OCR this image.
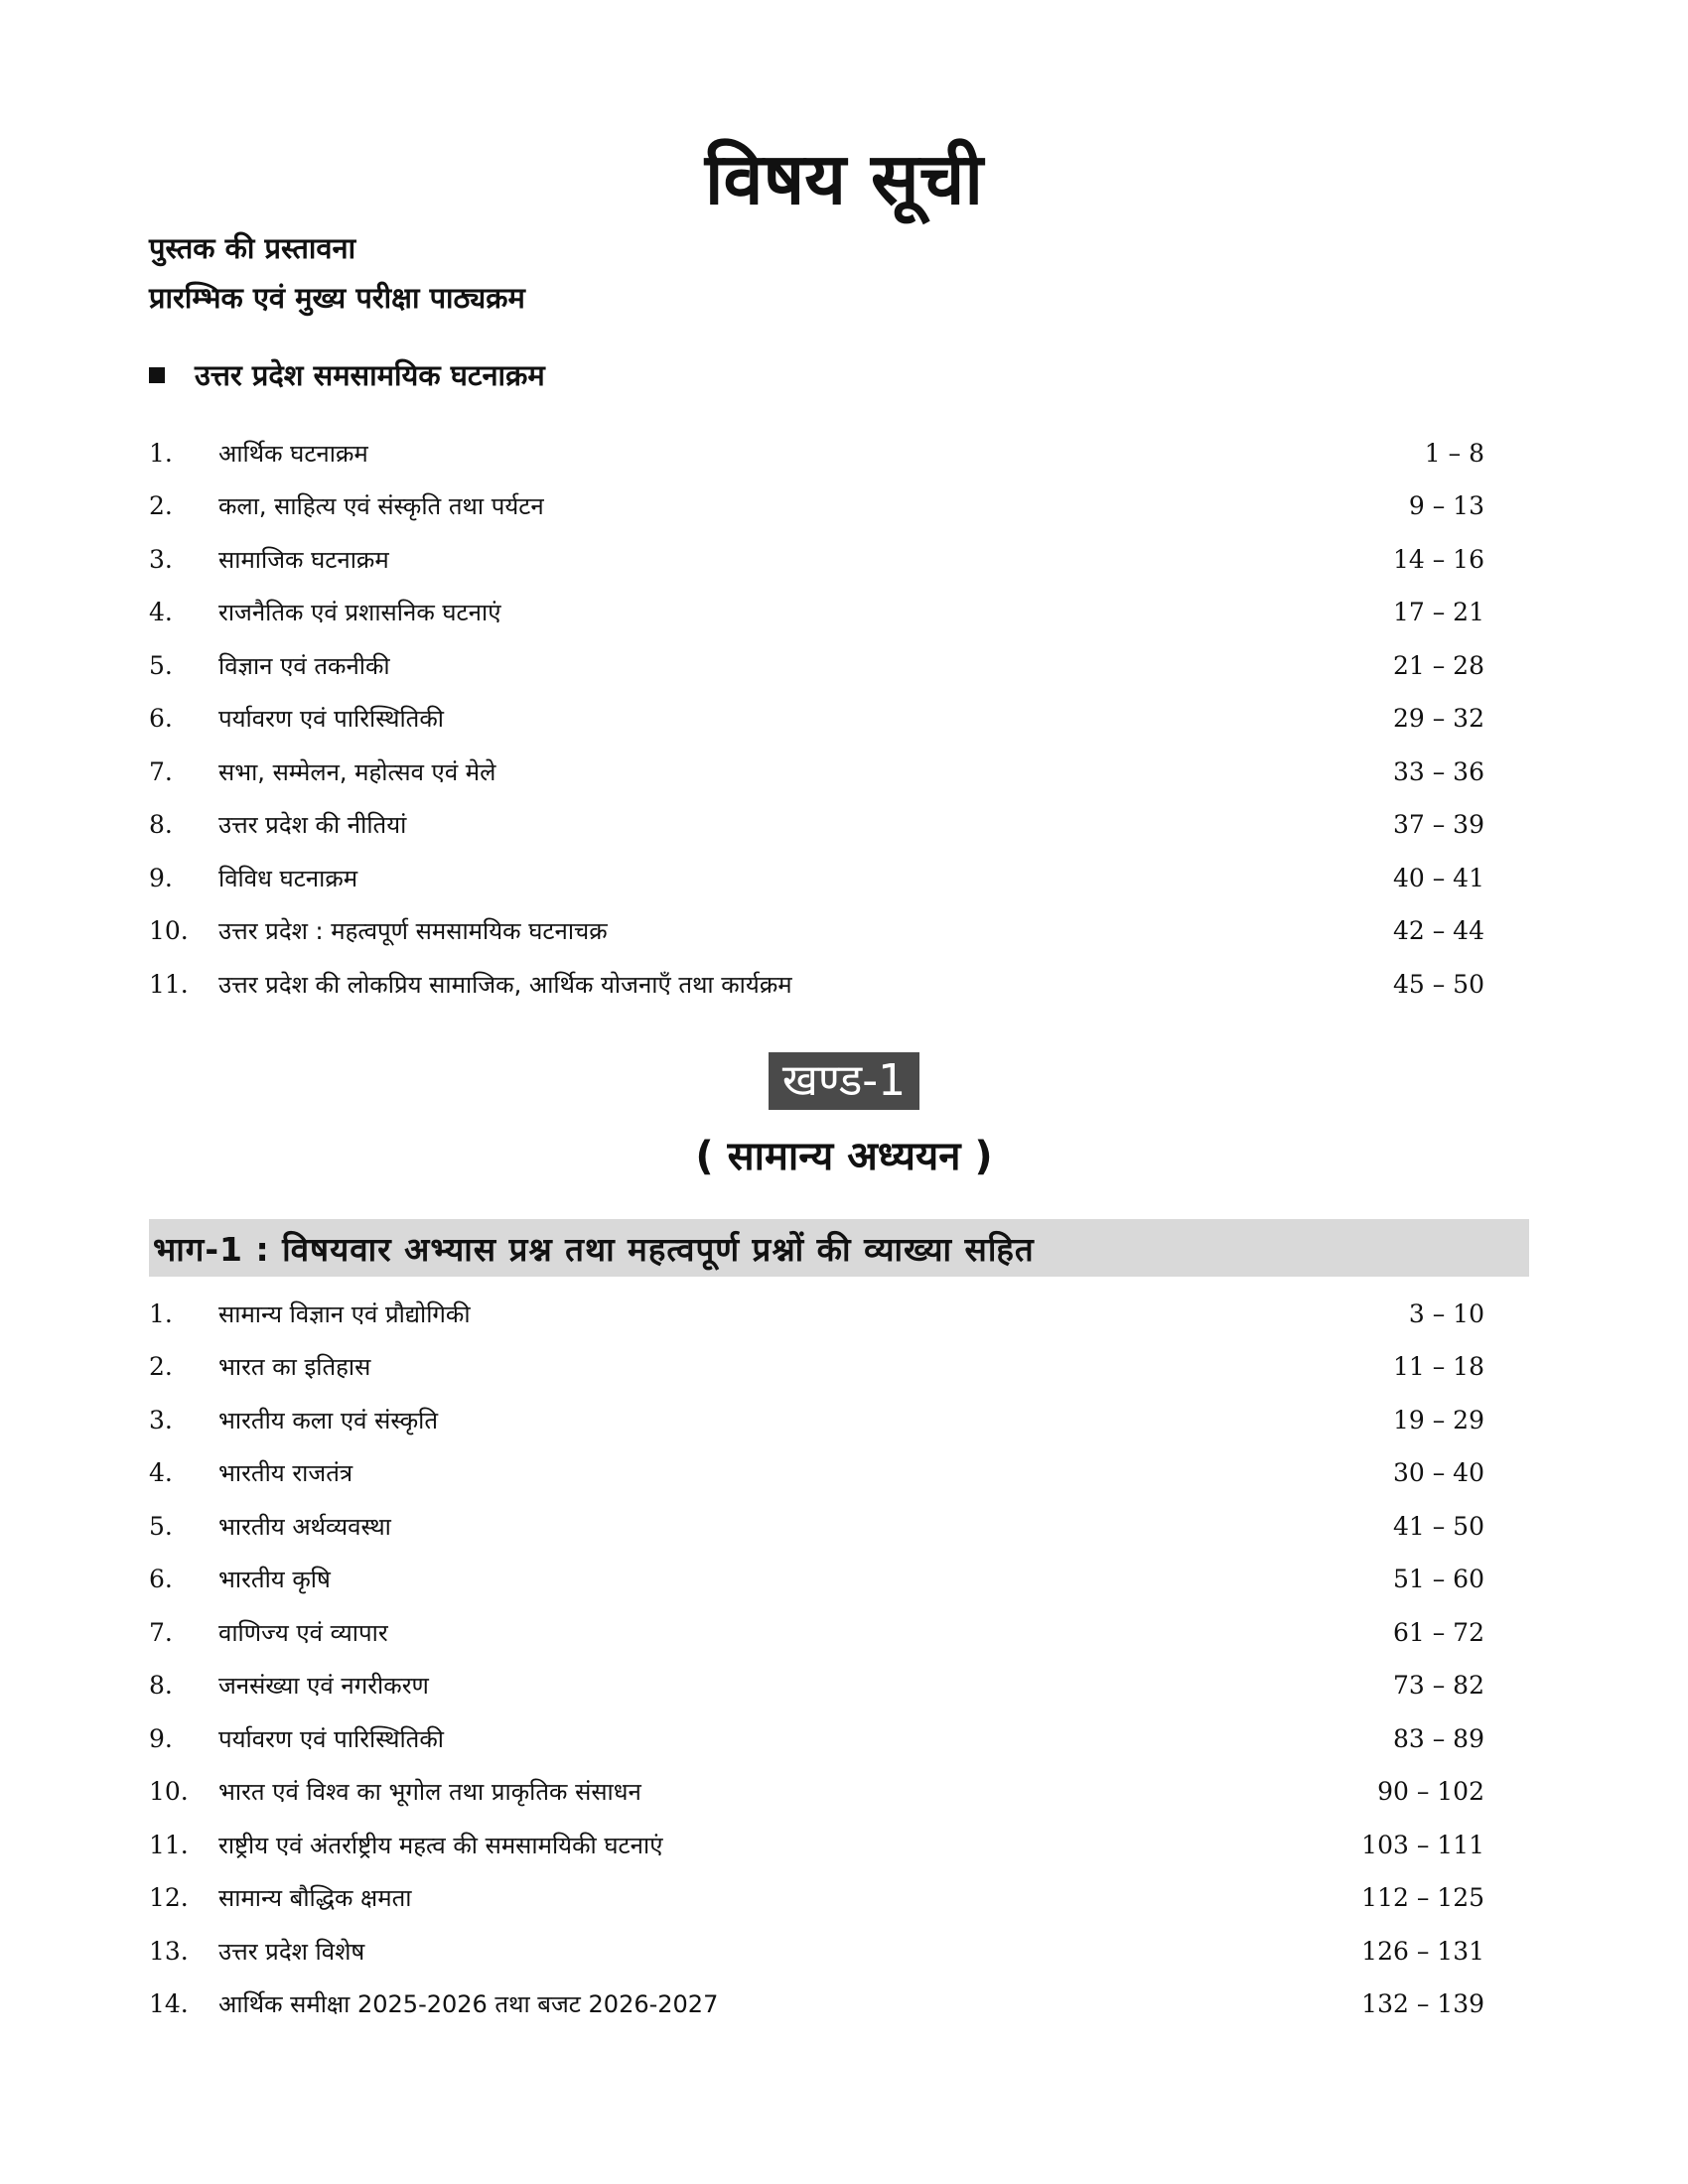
विषय सूची
पुस्तक की प्रस्तावना
प्रारम्भिक एवं मुख्य परीक्षा पाठ्यक्रम
उत्तर प्रदेश समसामयिक घटनाक्रम
1.	आर्थिक घटनाक्रम	1 – 8
2.	कला, साहित्य एवं संस्कृति तथा पर्यटन	9 – 13
3.	सामाजिक घटनाक्रम	14 – 16
4.	राजनैतिक एवं प्रशासनिक घटनाएं	17 – 21
5.	विज्ञान एवं तकनीकी	21 – 28
6.	पर्यावरण एवं पारिस्थितिकी	29 – 32
7.	सभा, सम्मेलन, महोत्सव एवं मेले	33 – 36
8.	उत्तर प्रदेश की नीतियां	37 – 39
9.	विविध घटनाक्रम	40 – 41
10.	उत्तर प्रदेश : महत्वपूर्ण समसामयिक घटनाचक्र	42 – 44
11.	उत्तर प्रदेश की लोकप्रिय सामाजिक, आर्थिक योजनाएँ तथा कार्यक्रम	45 – 50
खण्ड-1
( सामान्य अध्ययन )
भाग-1 : विषयवार अभ्यास प्रश्न तथा महत्वपूर्ण प्रश्नों की व्याख्या सहित
1.	सामान्य विज्ञान एवं प्रौद्योगिकी	3 – 10
2.	भारत का इतिहास	11 – 18
3.	भारतीय कला एवं संस्कृति	19 – 29
4.	भारतीय राजतंत्र	30 – 40
5.	भारतीय अर्थव्यवस्था	41 – 50
6.	भारतीय कृषि	51 – 60
7.	वाणिज्य एवं व्यापार	61 – 72
8.	जनसंख्या एवं नगरीकरण	73 – 82
9.	पर्यावरण एवं पारिस्थितिकी	83 – 89
10.	भारत एवं विश्व का भूगोल तथा प्राकृतिक संसाधन	90 – 102
11.	राष्ट्रीय एवं अंतर्राष्ट्रीय महत्व की समसामयिकी घटनाएं	103 – 111
12.	सामान्य बौद्धिक क्षमता	112 – 125
13.	उत्तर प्रदेश विशेष	126 – 131
14.	आर्थिक समीक्षा 2025-2026 तथा बजट 2026-2027	132 – 139
